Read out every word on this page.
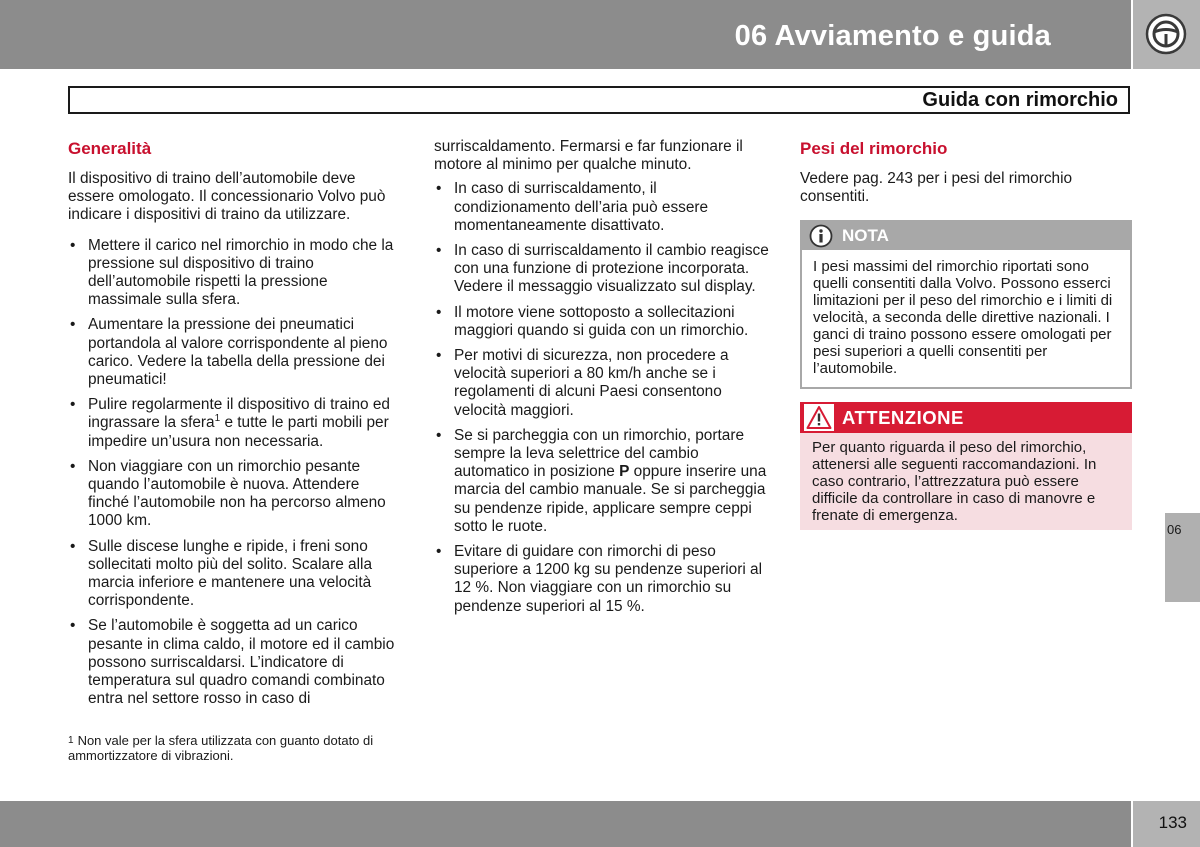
06 Avviamento e guida
Guida con rimorchio
Generalità

Il dispositivo di traino dell’automobile deve essere omologato. Il concessionario Volvo può indicare i dispositivi di traino da utilizzare.

• Mettere il carico nel rimorchio in modo che la pressione sul dispositivo di traino dell’automobile rispetti la pressione massimale sulla sfera.
• Aumentare la pressione dei pneumatici portandola al valore corrispondente al pieno carico. Vedere la tabella della pressione dei pneumatici!
• Pulire regolarmente il dispositivo di traino ed ingrassare la sfera$^1$ e tutte le parti mobili per impedire un’usura non necessaria.
• Non viaggiare con un rimorchio pesante quando l’automobile è nuova. Attendere finché l’automobile non ha percorso almeno 1000 km.
• Sulle discese lunghe e ripide, i freni sono sollecitati molto più del solito. Scalare alla marcia inferiore e mantenere una velocità corrispondente.
• Se l’automobile è soggetta ad un carico pesante in clima caldo, il motore ed il cambio possono surriscaldarsi. L’indicatore di temperatura sul quadro comandi combinato entra nel settore rosso in caso di
$^1$ Non vale per la sfera utilizzata con guanto dotato di ammortizzatore di vibrazioni.

surriscaldamento. Fermarsi e far funzionare il motore al minimo per qualche minuto.

• In caso di surriscaldamento, il condizionamento dell’aria può essere momentaneamente disattivato.
• In caso di surriscaldamento il cambio reagisce con una funzione di protezione incorporata. Vedere il messaggio visualizzato sul display.
• Il motore viene sottoposto a sollecitazioni maggiori quando si guida con un rimorchio.
• Per motivi di sicurezza, non procedere a velocità superiori a 80 km/h anche se i regolamenti di alcuni Paesi consentono velocità maggiori.
• Se si parcheggia con un rimorchio, portare sempre la leva selettrice del cambio automatico in posizione P oppure inserire una marcia del cambio manuale. Se si parcheggia su pendenze ripide, applicare sempre ceppi sotto le ruote.
• Evitare di guidare con rimorchi di peso superiore a 1200 kg su pendenze superiori al 12 %. Non viaggiare con un rimorchio su pendenze superiori al 15 %.
Pesi del rimorchio

Vedere pag. 243 per i pesi del rimorchio consentiti.

NOTA
I pesi massimi del rimorchio riportati sono quelli consentiti dalla Volvo. Possono esserci limitazioni per il peso del rimorchio e i limiti di velocità, a seconda delle direttive nazionali. I ganci di traino possono essere omologati per pesi superiori a quelli consentiti per l’automobile.
ATTENZIONE
Per quanto riguarda il peso del rimorchio, attenersi alle seguenti raccomandazioni. In caso contrario, l’attrezzatura può essere difficile da controllare in caso di manovre e frenate di emergenza.
06
133
